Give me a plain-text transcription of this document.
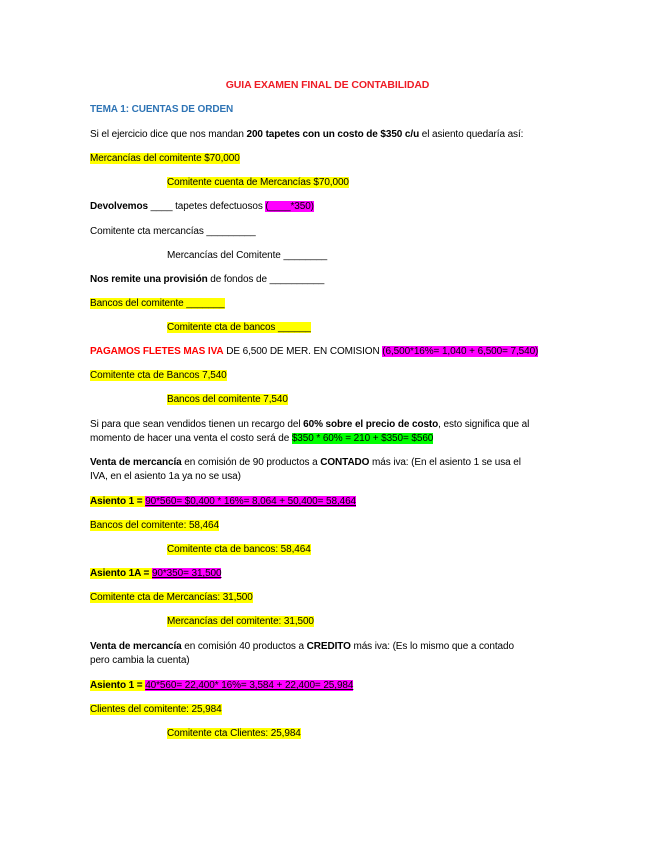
GUIA EXAMEN FINAL DE CONTABILIDAD
TEMA 1: CUENTAS DE ORDEN
Si el ejercicio dice que nos mandan 200 tapetes con un costo de $350 c/u el asiento quedaría así:
Mercancías del comitente $70,000
Comitente cuenta de Mercancías $70,000
Devolvemos ____ tapetes defectuosos (____*350)
Comitente cta mercancías _________
Mercancías del Comitente ________
Nos remite una provisión de fondos de __________
Bancos del comitente _______
Comitente cta de bancos ______
PAGAMOS FLETES MAS IVA DE 6,500 DE MER. EN COMISION (6,500*16%= 1,040 + 6,500= 7,540)
Comitente cta de Bancos 7,540
Bancos del comitente 7,540
Si para que sean vendidos tienen un recargo del 60% sobre el precio de costo, esto significa que al
momento de hacer una venta el costo será de $350 * 60% = 210 + $350= $560
Venta de mercancía en comisión de 90 productos a CONTADO más iva: (En el asiento 1 se usa el
IVA, en el asiento 1a ya no se usa)
Asiento 1 = 90*560= $0,400 * 16%= 8,064 + 50,400= 58,464
Bancos del comitente: 58,464
Comitente cta de bancos: 58,464
Asiento 1A = 90*350= 31,500
Comitente cta de Mercancías: 31,500
Mercancías del comitente: 31,500
Venta de mercancía en comisión 40 productos a CREDITO más iva: (Es lo mismo que a contado
pero cambia la cuenta)
Asiento 1 = 40*560= 22,400* 16%= 3,584 + 22,400= 25,984
Clientes del comitente: 25,984
Comitente cta Clientes: 25,984
